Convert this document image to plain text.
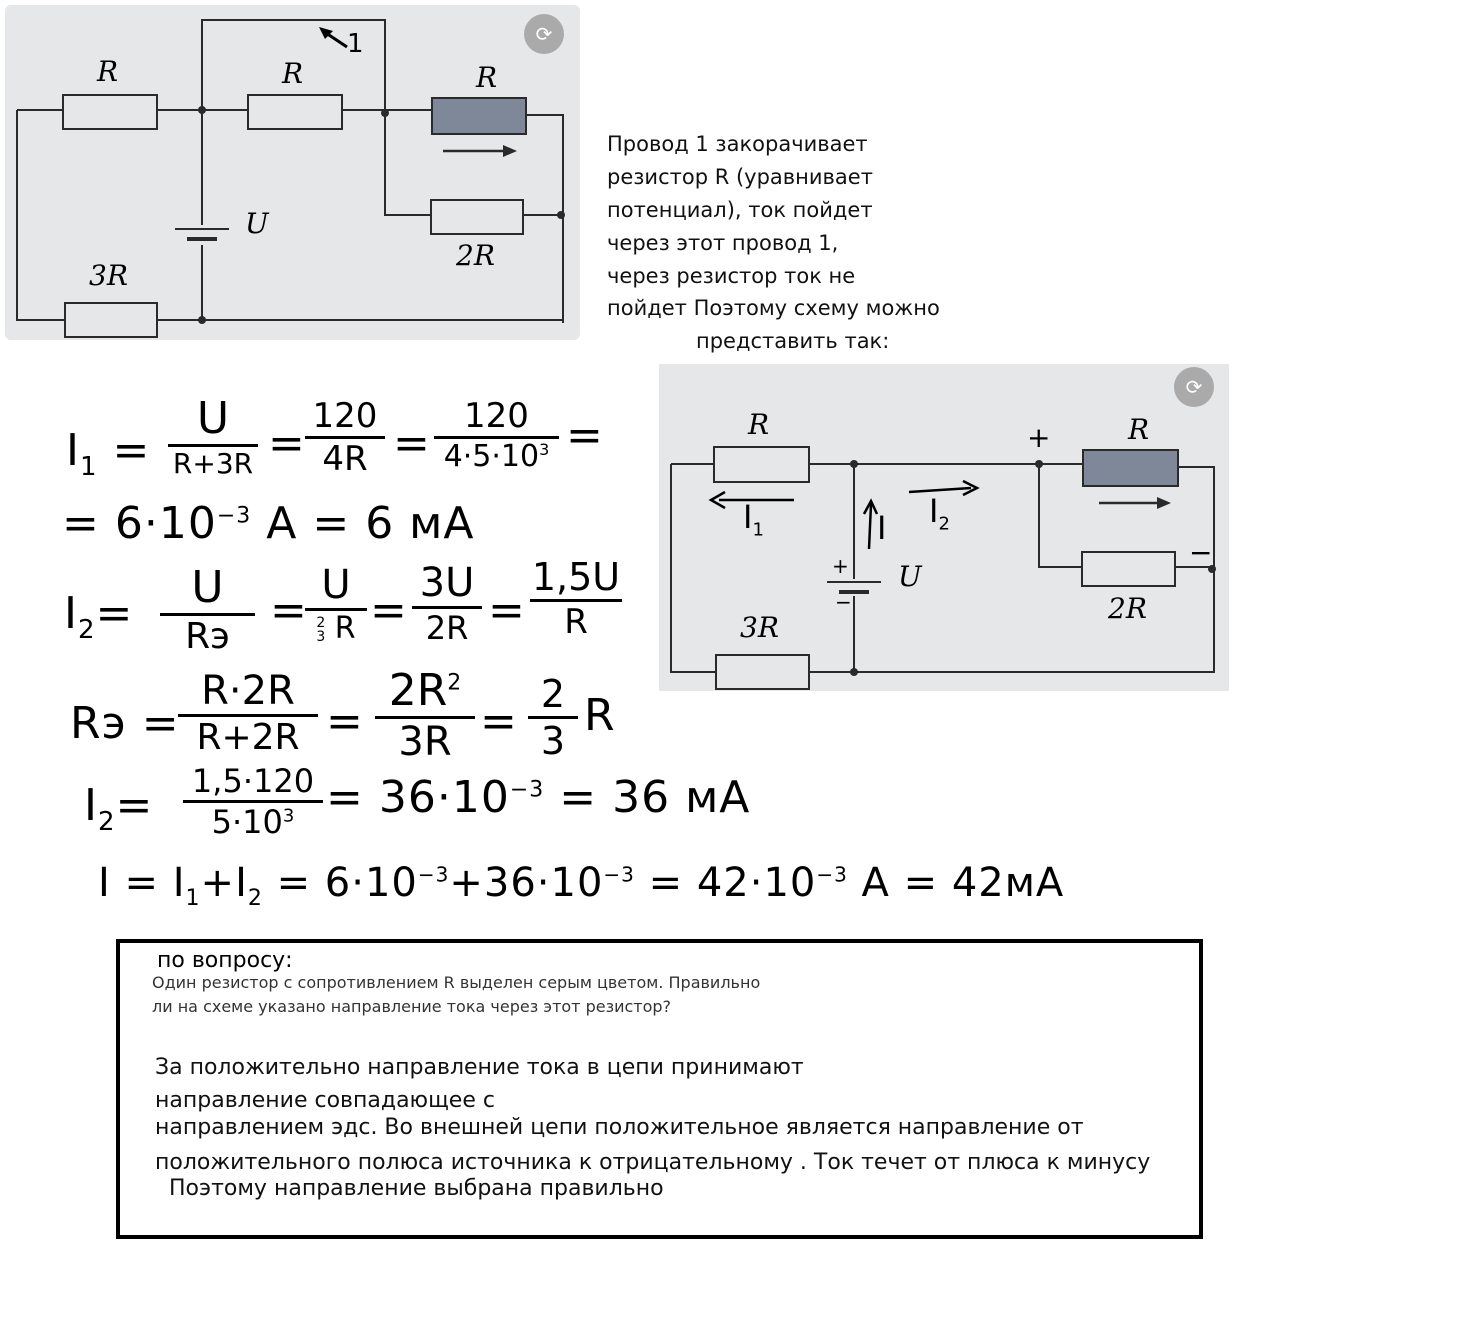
R	R	R
2R
3R
U
1	⟳
Провод 1 закорачивает
резистор R (уравнивает
потенциал), ток пойдет
через этот провод 1,
через резистор ток не
пойдет Поэтому схему можно
представить так:
R	R
2R
3R
U
$I_1$	$I_2$
I
+
−
+
−
⟳
$I_1$ =
U
R+3R =
120
4R =
120
$4\cdot 5\cdot 10^3$ =
= $6\cdot 10^{-3}$ A = 6 мА
$I_2=$
U
Rэ
= U
2
3 R =
3U
2R =
1,5U
R
Rэ =
R·2R
R+2R =
$2R^2$
3R =
2
3 R
$I_2= 1,5\cdot 120$
$5\cdot 10^3 = 36\cdot 10^{-3} = 36$ мА
$I = I_1+I_2 = 6\cdot 10^{-3}+36\cdot 10^{-3} = 42\cdot 10^{-3}$ A = 42мА
по вопросу:
Один резистор с сопротивлением R выделен серым цветом. Правильно
ли на схеме указано направление тока через этот резистор?
За положительно направление тока в цепи принимают
направление совпадающее с
направлением эдс. Во внешней цепи положительное является направление от
положительного полюса источника к отрицательному . Ток течет от плюса к минусу
Поэтому направление выбрана правильно
